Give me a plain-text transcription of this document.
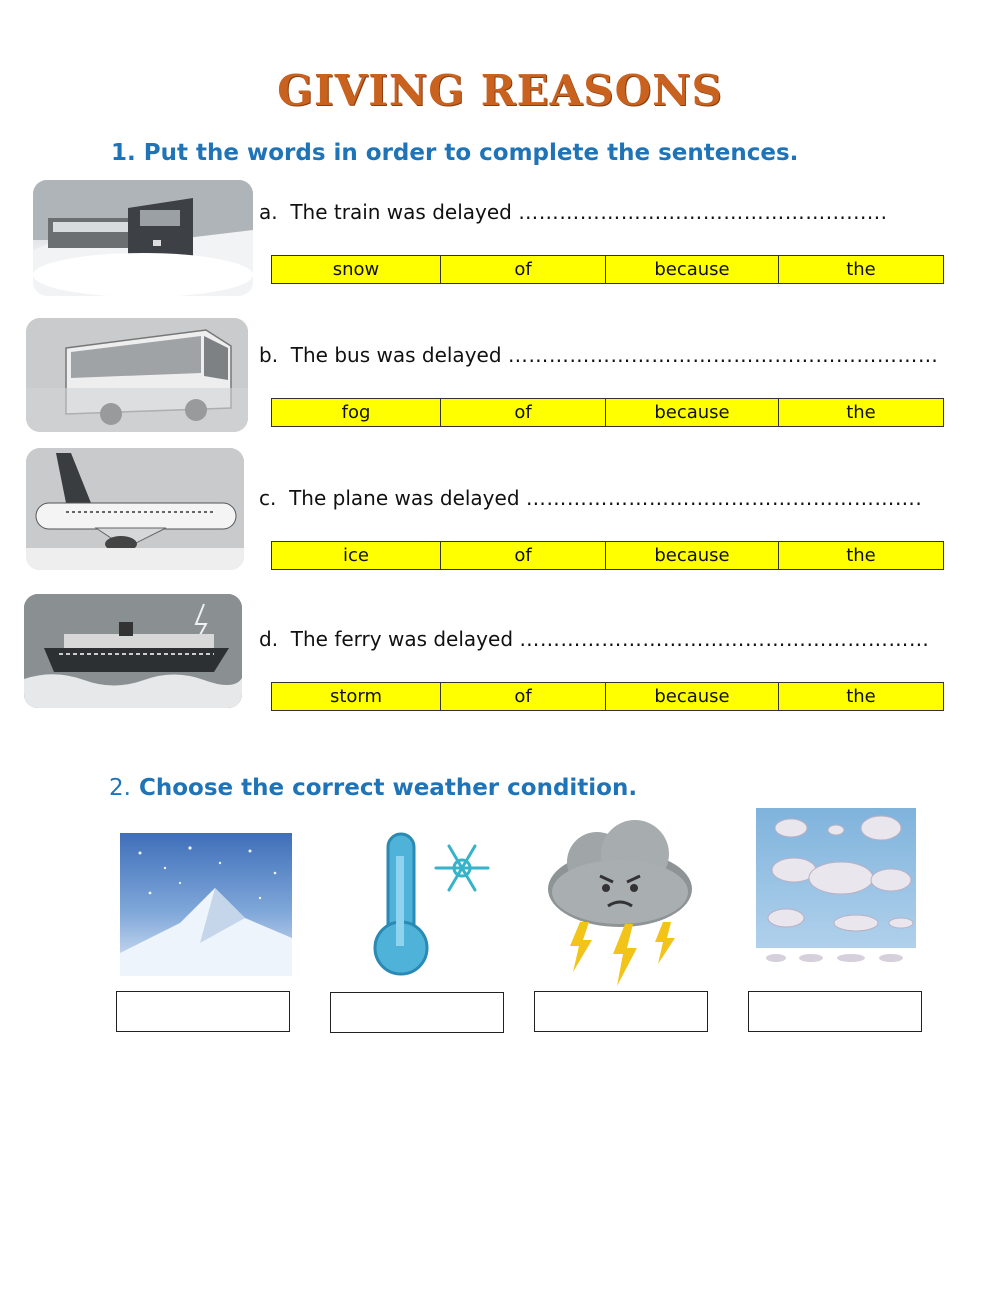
GIVING REASONS
1. Put the words in order to complete the sentences.
a. The train was delayed ……………………………………….........
snow	of	because	the
b. The bus was delayed ………………………………………………………
fog	of	because	the
c. The plane was delayed ………………………………………………….
ice	of	because	the
d. The ferry was delayed ……………………………………………………
storm	of	because	the
2. Choose the correct weather condition.
